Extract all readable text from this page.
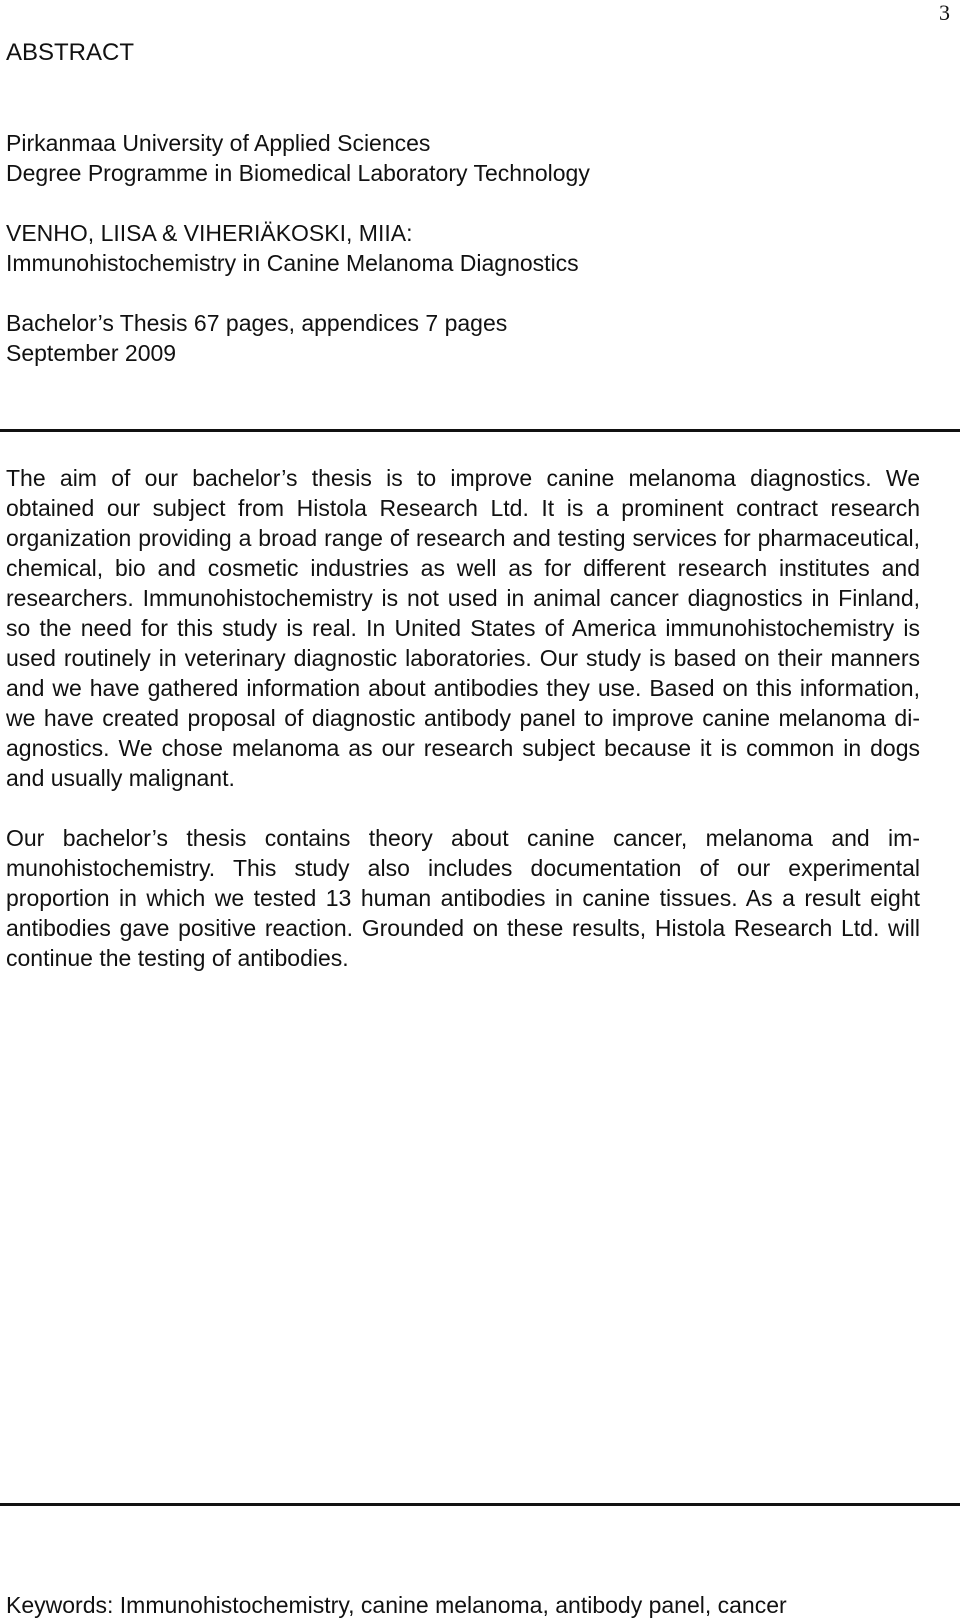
3
ABSTRACT
Pirkanmaa University of Applied Sciences
Degree Programme in Biomedical Laboratory Technology
VENHO, LIISA & VIHERIÄKOSKI, MIIA:
Immunohistochemistry in Canine Melanoma Diagnostics
Bachelor’s Thesis 67 pages, appendices 7 pages
September 2009

The aim of our bachelor’s thesis is to improve canine melanoma diagnostics. We obtained our subject from Histola Research Ltd. It is a prominent contract research organization providing a broad range of research and testing services for pharmaceutical, chemical, bio and cosmetic industries as well as for different research institutes and researchers. Immunohistochemistry is not used in animal cancer diagnostics in Finland, so the need for this study is real. In United States of America immunohistochemistry is used routinely in veterinary diagnostic laboratories. Our study is based on their manners and we have gathered information about antibodies they use. Based on this information, we have created proposal of diagnostic antibody panel to improve canine melanoma diagnostics. We chose melanoma as our research subject because it is common in dogs and usually malignant.

Our bachelor’s thesis contains theory about canine cancer, melanoma and immunohistochemistry. This study also includes documentation of our experimental proportion in which we tested 13 human antibodies in canine tissues. As a result eight antibodies gave positive reaction. Grounded on these results, Histola Research Ltd. will continue the testing of antibodies.

Keywords: Immunohistochemistry, canine melanoma, antibody panel, cancer
